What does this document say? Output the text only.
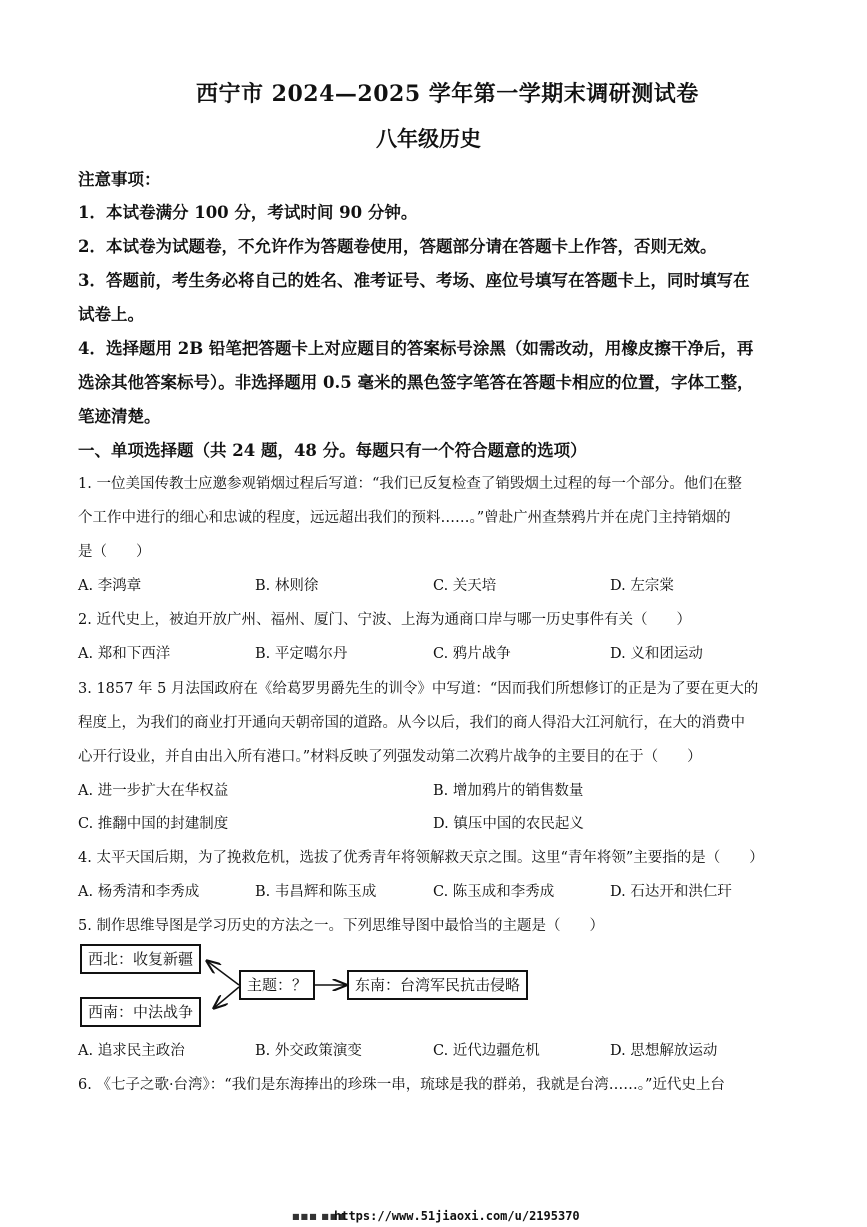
西宁市 2024—2025 学年第一学期末调研测试卷
八年级历史
注意事项：
1．本试卷满分 100 分，考试时间 90 分钟。
2．本试卷为试题卷，不允许作为答题卷使用，答题部分请在答题卡上作答，否则无效。
3．答题前，考生务必将自己的姓名、准考证号、考场、座位号填写在答题卡上，同时填写在
试卷上。
4．选择题用 2B 铅笔把答题卡上对应题目的答案标号涂黑（如需改动，用橡皮擦干净后，再
选涂其他答案标号）。非选择题用 0.5 毫米的黑色签字笔答在答题卡相应的位置，字体工整，
笔迹清楚。
一、单项选择题（共 24 题，48 分。每题只有一个符合题意的选项）
1. 一位美国传教士应邀参观销烟过程后写道：“我们已反复检查了销毁烟土过程的每一个部分。他们在整
个工作中进行的细心和忠诚的程度，远远超出我们的预料……。”曾赴广州查禁鸦片并在虎门主持销烟的
是（　　）
A. 李鸿章	B. 林则徐	C. 关天培	D. 左宗棠
2. 近代史上，被迫开放广州、福州、厦门、宁波、上海为通商口岸与哪一历史事件有关（　　）
A. 郑和下西洋	B. 平定噶尔丹	C. 鸦片战争	D. 义和团运动
3. 1857 年 5 月法国政府在《给葛罗男爵先生的训令》中写道：“因而我们所想修订的正是为了要在更大的
程度上，为我们的商业打开通向天朝帝国的道路。从今以后，我们的商人得沿大江河航行，在大的消费中
心开行设业，并自由出入所有港口。”材料反映了列强发动第二次鸦片战争的主要目的在于（　　）
A. 进一步扩大在华权益	B. 增加鸦片的销售数量
C. 推翻中国的封建制度	D. 镇压中国的农民起义
4. 太平天国后期，为了挽救危机，选拔了优秀青年将领解救天京之围。这里“青年将领”主要指的是（　　）
A. 杨秀清和李秀成	B. 韦昌辉和陈玉成	C. 陈玉成和李秀成	D. 石达开和洪仁玕
5. 制作思维导图是学习历史的方法之一。下列思维导图中最恰当的主题是（　　）
西北：收复新疆
西南：中法战争
主题：？	东南：台湾军民抗击侵略
A. 追求民主政治	B. 外交政策演变	C. 近代边疆危机	D. 思想解放运动
6. 《七子之歌·台湾》：“我们是东海捧出的珍珠一串，琉球是我的群弟，我就是台湾……。”近代史上台
■■■ ■■■
https://www.51jiaoxi.com/u/2195370
